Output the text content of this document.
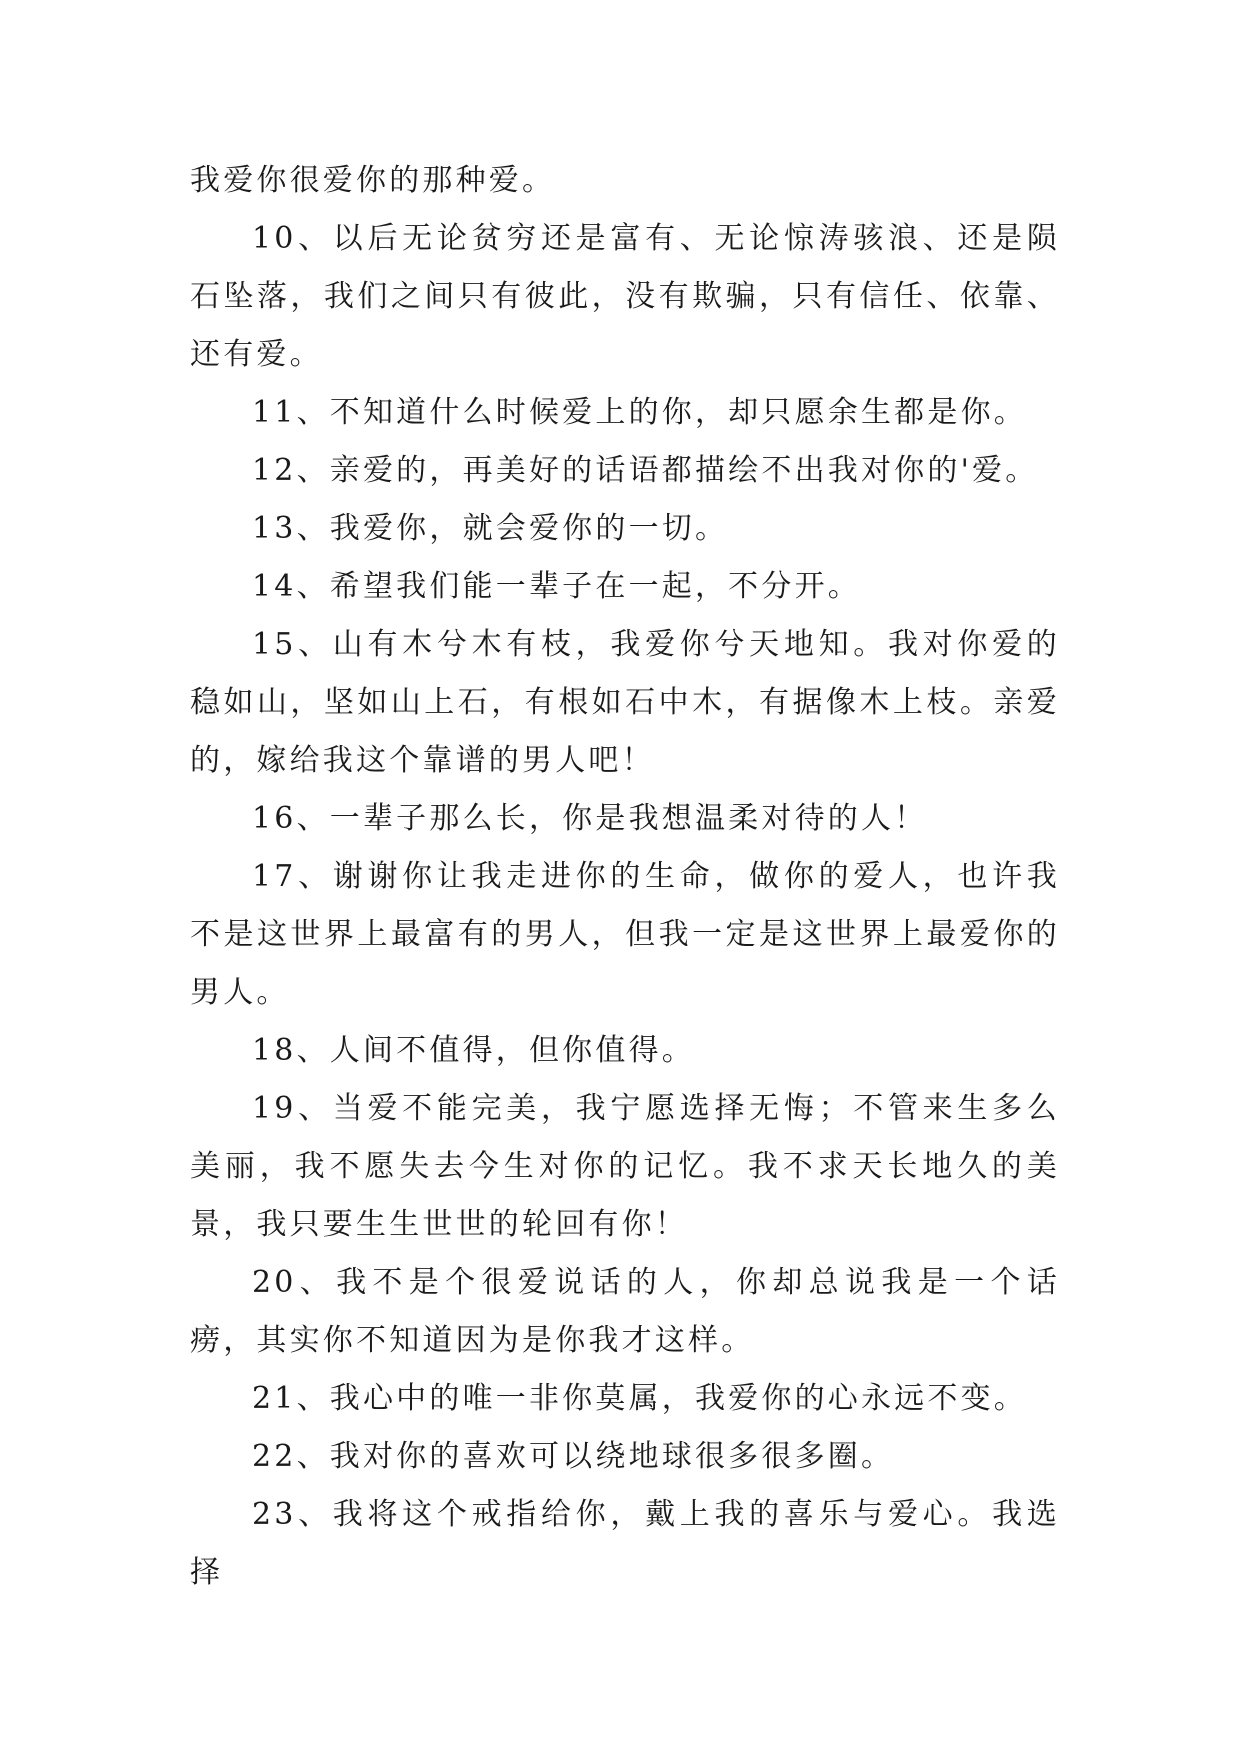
我爱你很爱你的那种爱。

10、以后无论贫穷还是富有、无论惊涛骇浪、还是陨石坠落，我们之间只有彼此，没有欺骗，只有信任、依靠、还有爱。

11、不知道什么时候爱上的你，却只愿余生都是你。

12、亲爱的，再美好的话语都描绘不出我对你的'爱。

13、我爱你，就会爱你的一切。

14、希望我们能一辈子在一起，不分开。

15、山有木兮木有枝，我爱你兮天地知。我对你爱的稳如山，坚如山上石，有根如石中木，有据像木上枝。亲爱的，嫁给我这个靠谱的男人吧！

16、一辈子那么长，你是我想温柔对待的人！

17、谢谢你让我走进你的生命，做你的爱人，也许我不是这世界上最富有的男人，但我一定是这世界上最爱你的男人。

18、人间不值得，但你值得。

19、当爱不能完美，我宁愿选择无悔；不管来生多么美丽，我不愿失去今生对你的记忆。我不求天长地久的美景，我只要生生世世的轮回有你！

20、我不是个很爱说话的人，你却总说我是一个话痨，其实你不知道因为是你我才这样。

21、我心中的唯一非你莫属，我爱你的心永远不变。

22、我对你的喜欢可以绕地球很多很多圈。

23、我将这个戒指给你，戴上我的喜乐与爱心。我选择
